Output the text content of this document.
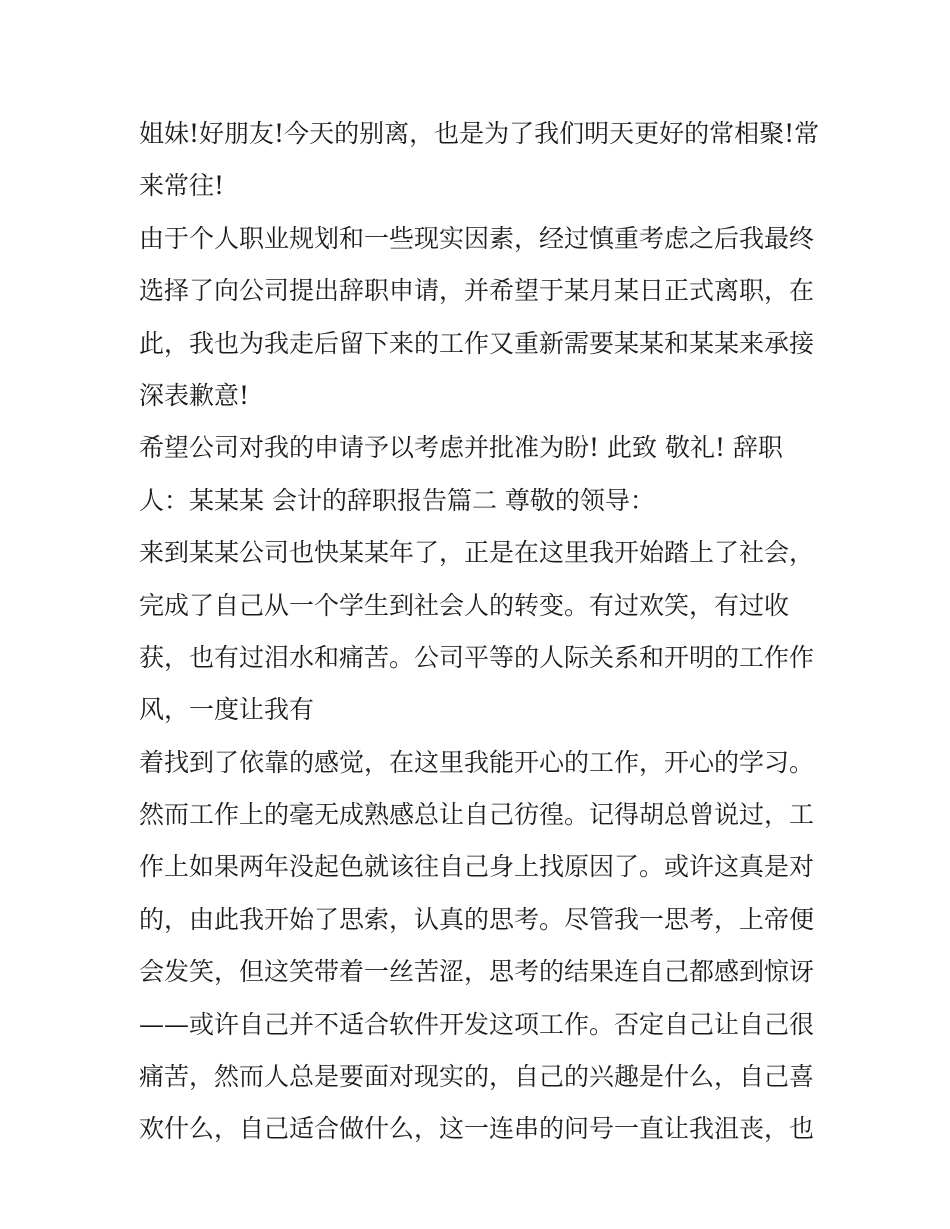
姐妹!好朋友!今天的别离，也是为了我们明天更好的常相聚!常
来常往!
由于个人职业规划和一些现实因素，经过慎重考虑之后我最终
选择了向公司提出辞职申请，并希望于某月某日正式离职，在
此，我也为我走后留下来的工作又重新需要某某和某某来承接
深表歉意!
希望公司对我的申请予以考虑并批准为盼! 此致 敬礼! 辞职
人：某某某 会计的辞职报告篇二 尊敬的领导：
来到某某公司也快某某年了，正是在这里我开始踏上了社会，
完成了自己从一个学生到社会人的转变。有过欢笑，有过收
获，也有过泪水和痛苦。公司平等的人际关系和开明的工作作
风，一度让我有
着找到了依靠的感觉，在这里我能开心的工作，开心的学习。
然而工作上的毫无成熟感总让自己彷徨。记得胡总曾说过，工
作上如果两年没起色就该往自己身上找原因了。或许这真是对
的，由此我开始了思索，认真的思考。尽管我一思考，上帝便
会发笑，但这笑带着一丝苦涩，思考的结果连自己都感到惊讶
——或许自己并不适合软件开发这项工作。否定自己让自己很
痛苦，然而人总是要面对现实的，自己的兴趣是什么，自己喜
欢什么，自己适合做什么，这一连串的问号一直让我沮丧，也
